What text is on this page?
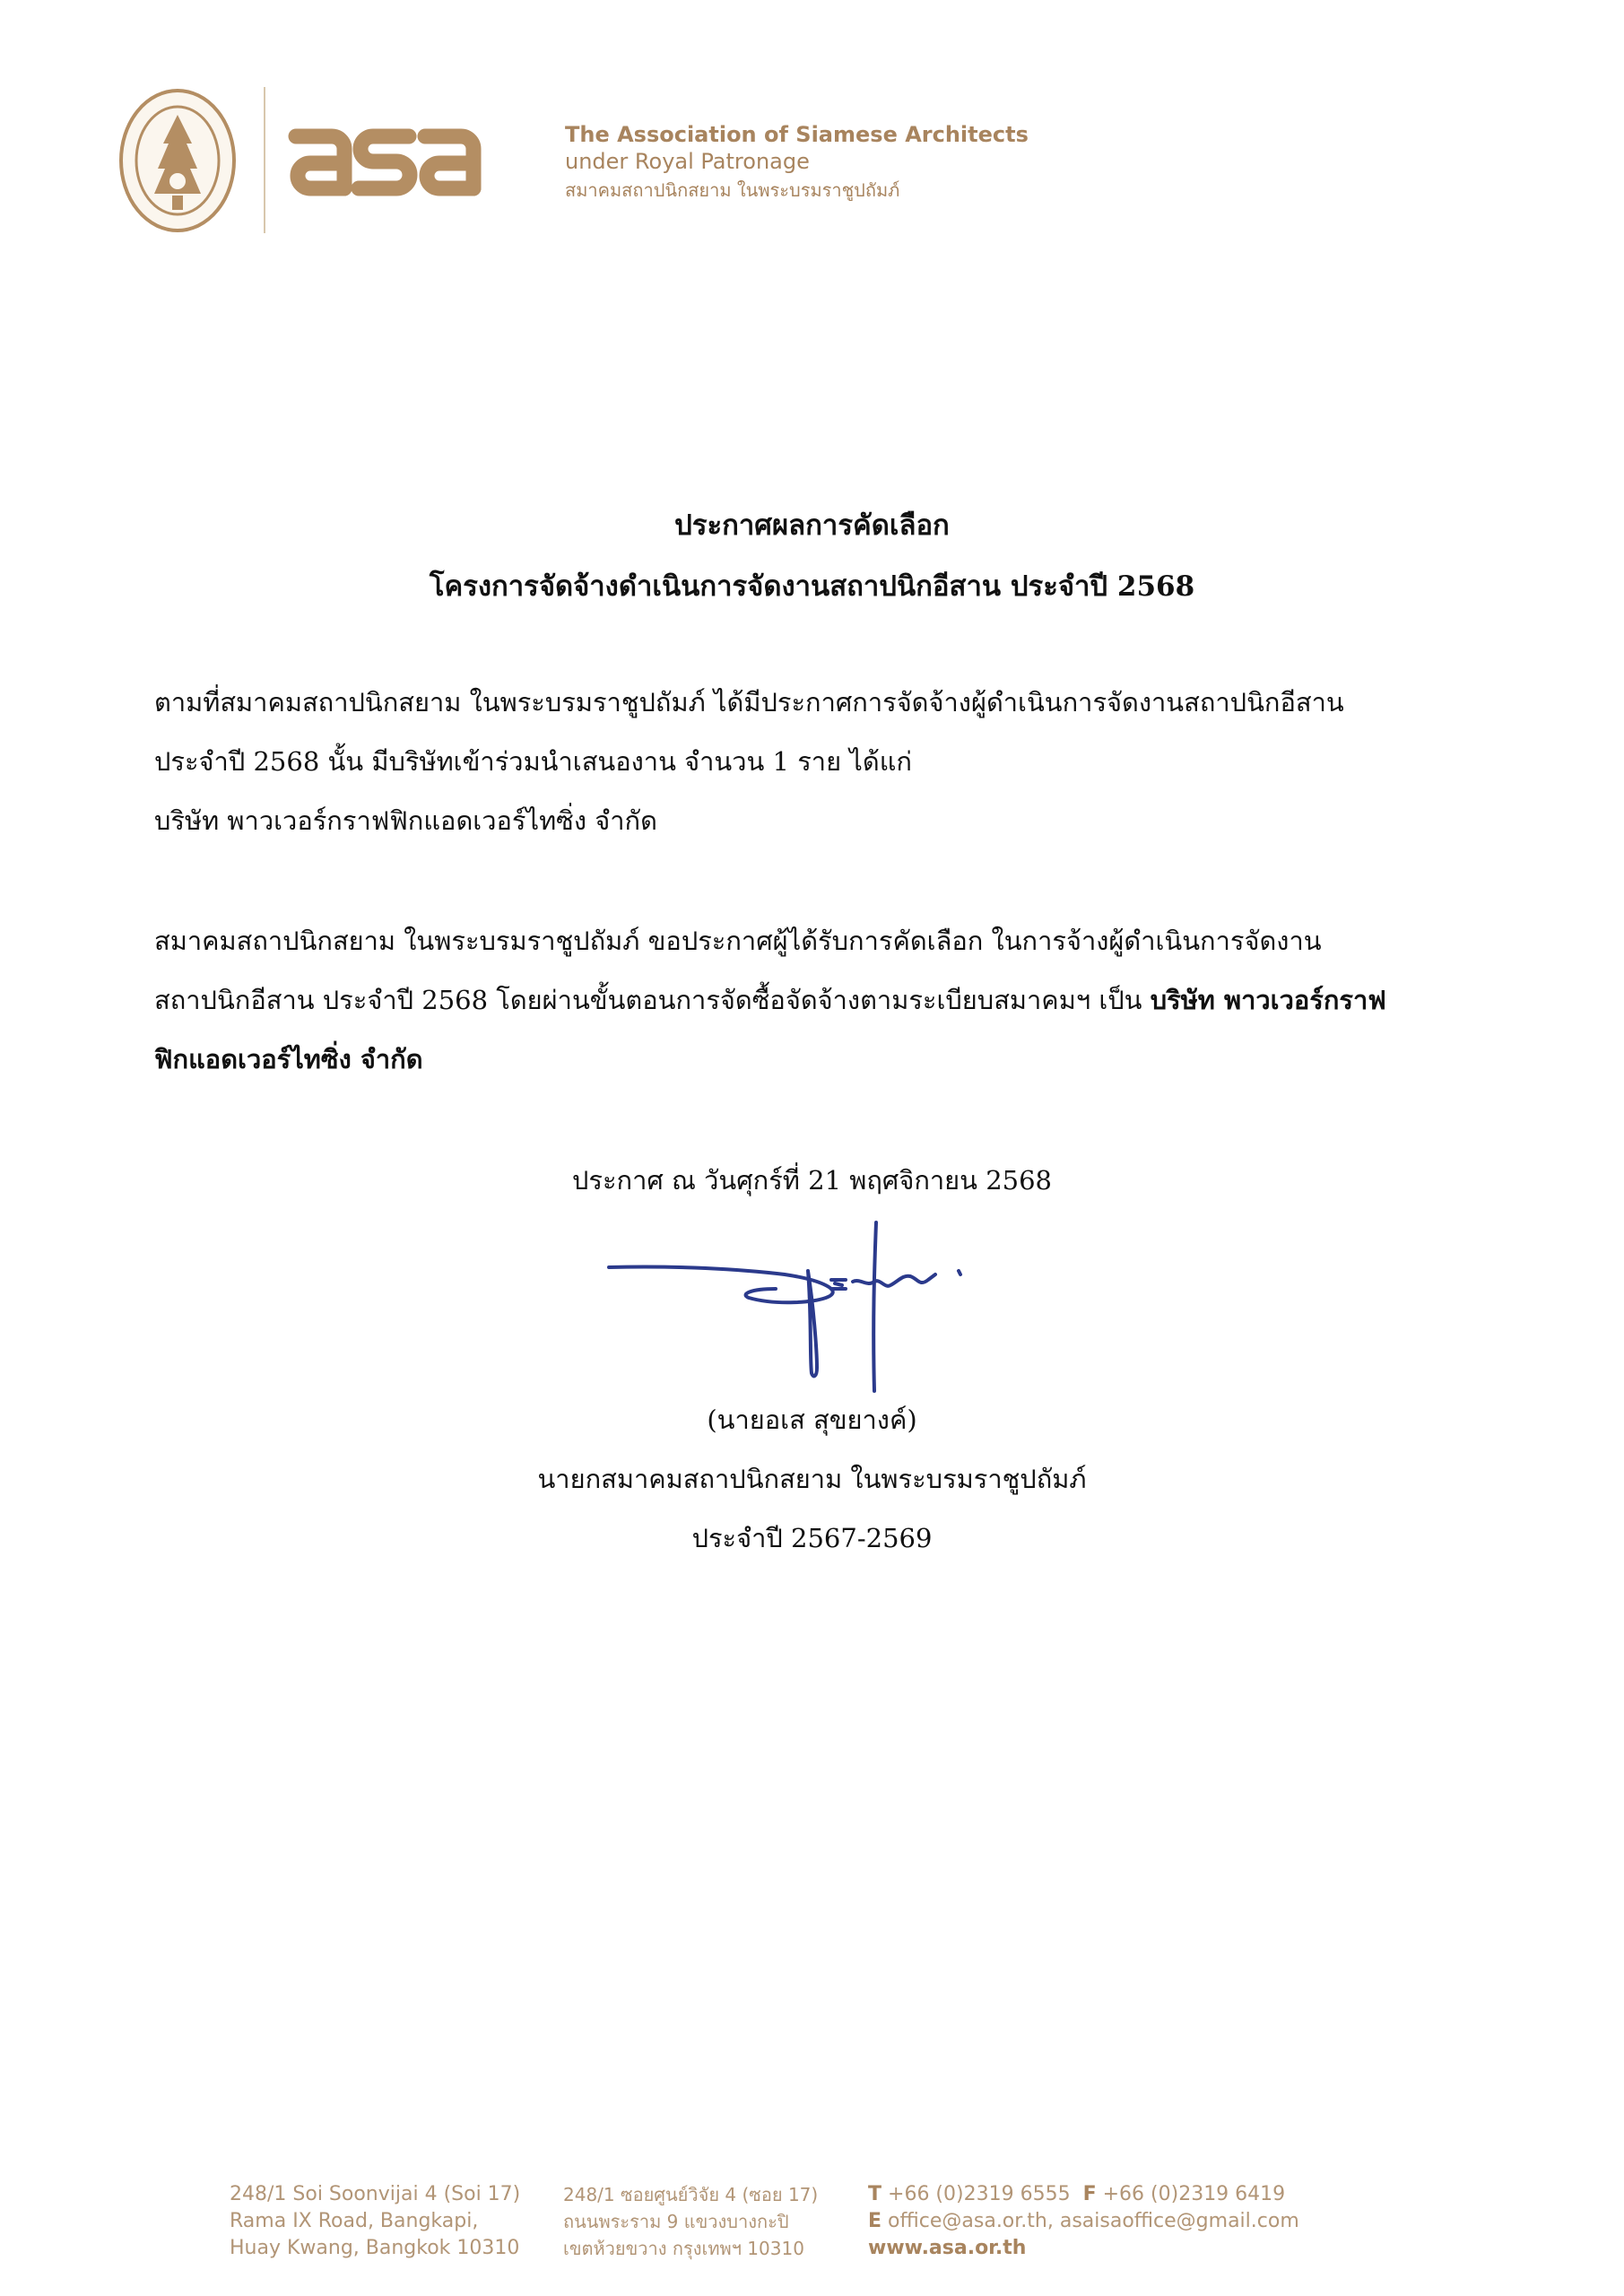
The Association of Siamese Architects
under Royal Patronage
สมาคมสถาปนิกสยาม ในพระบรมราชูปถัมภ์
ประกาศผลการคัดเลือก
โครงการจัดจ้างดำเนินการจัดงานสถาปนิกอีสาน ประจำปี 2568
ตามที่สมาคมสถาปนิกสยาม ในพระบรมราชูปถัมภ์ ได้มีประกาศการจัดจ้างผู้ดำเนินการจัดงานสถาปนิกอีสาน
ประจำปี 2568 นั้น มีบริษัทเข้าร่วมนำเสนองาน จำนวน 1 ราย ได้แก่
บริษัท พาวเวอร์กราฟฟิกแอดเวอร์ไทซิ่ง จำกัด
สมาคมสถาปนิกสยาม ในพระบรมราชูปถัมภ์ ขอประกาศผู้ได้รับการคัดเลือก ในการจ้างผู้ดำเนินการจัดงาน
สถาปนิกอีสาน ประจำปี 2568 โดยผ่านขั้นตอนการจัดซื้อจัดจ้างตามระเบียบสมาคมฯ เป็น บริษัท พาวเวอร์กราฟ
ฟิกแอดเวอร์ไทซิ่ง จำกัด
ประกาศ ณ วันศุกร์ที่ 21 พฤศจิกายน 2568
(นายอเส สุขยางค์)
นายกสมาคมสถาปนิกสยาม ในพระบรมราชูปถัมภ์
ประจำปี 2567-2569
248/1 Soi Soonvijai 4 (Soi 17)
Rama IX Road, Bangkapi,
Huay Kwang, Bangkok 10310
248/1 ซอยศูนย์วิจัย 4 (ซอย 17)
ถนนพระราม 9 แขวงบางกะปิ
เขตห้วยขวาง กรุงเทพฯ 10310
T +66 (0)2319 6555 F +66 (0)2319 6419
E office@asa.or.th, asaisaoffice@gmail.com
www.asa.or.th
